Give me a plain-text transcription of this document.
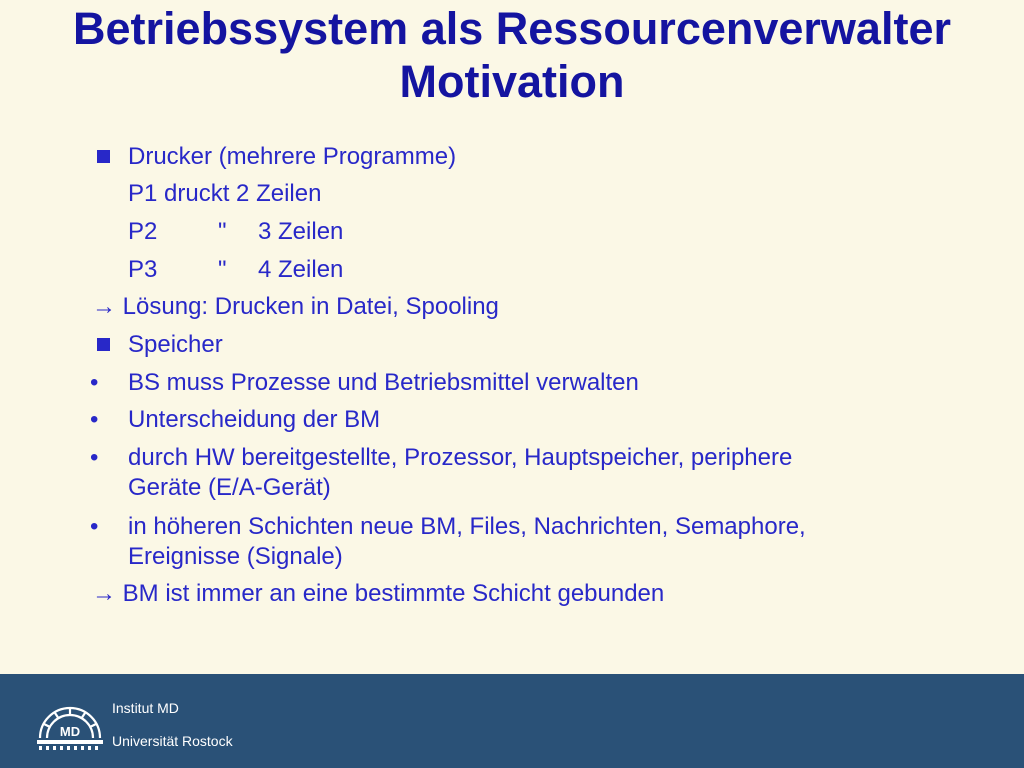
Betriebssystem als Ressourcenverwalter
Motivation
Drucker (mehrere Programme)
P1 druckt 2 Zeilen
P2	" 3 Zeilen
P3	" 4 Zeilen
→ Lösung: Drucken in Datei, Spooling
Speicher
• BS muss Prozesse und Betriebsmittel verwalten
• Unterscheidung der BM
• durch HW bereitgestellte, Prozessor, Hauptspeicher, periphere
Geräte (E/A-Gerät)
• in höheren Schichten neue BM, Files, Nachrichten, Semaphore,
Ereignisse (Signale)
→ BM ist immer an eine bestimmte Schicht gebunden
MD
Institut MD
Universität Rostock
